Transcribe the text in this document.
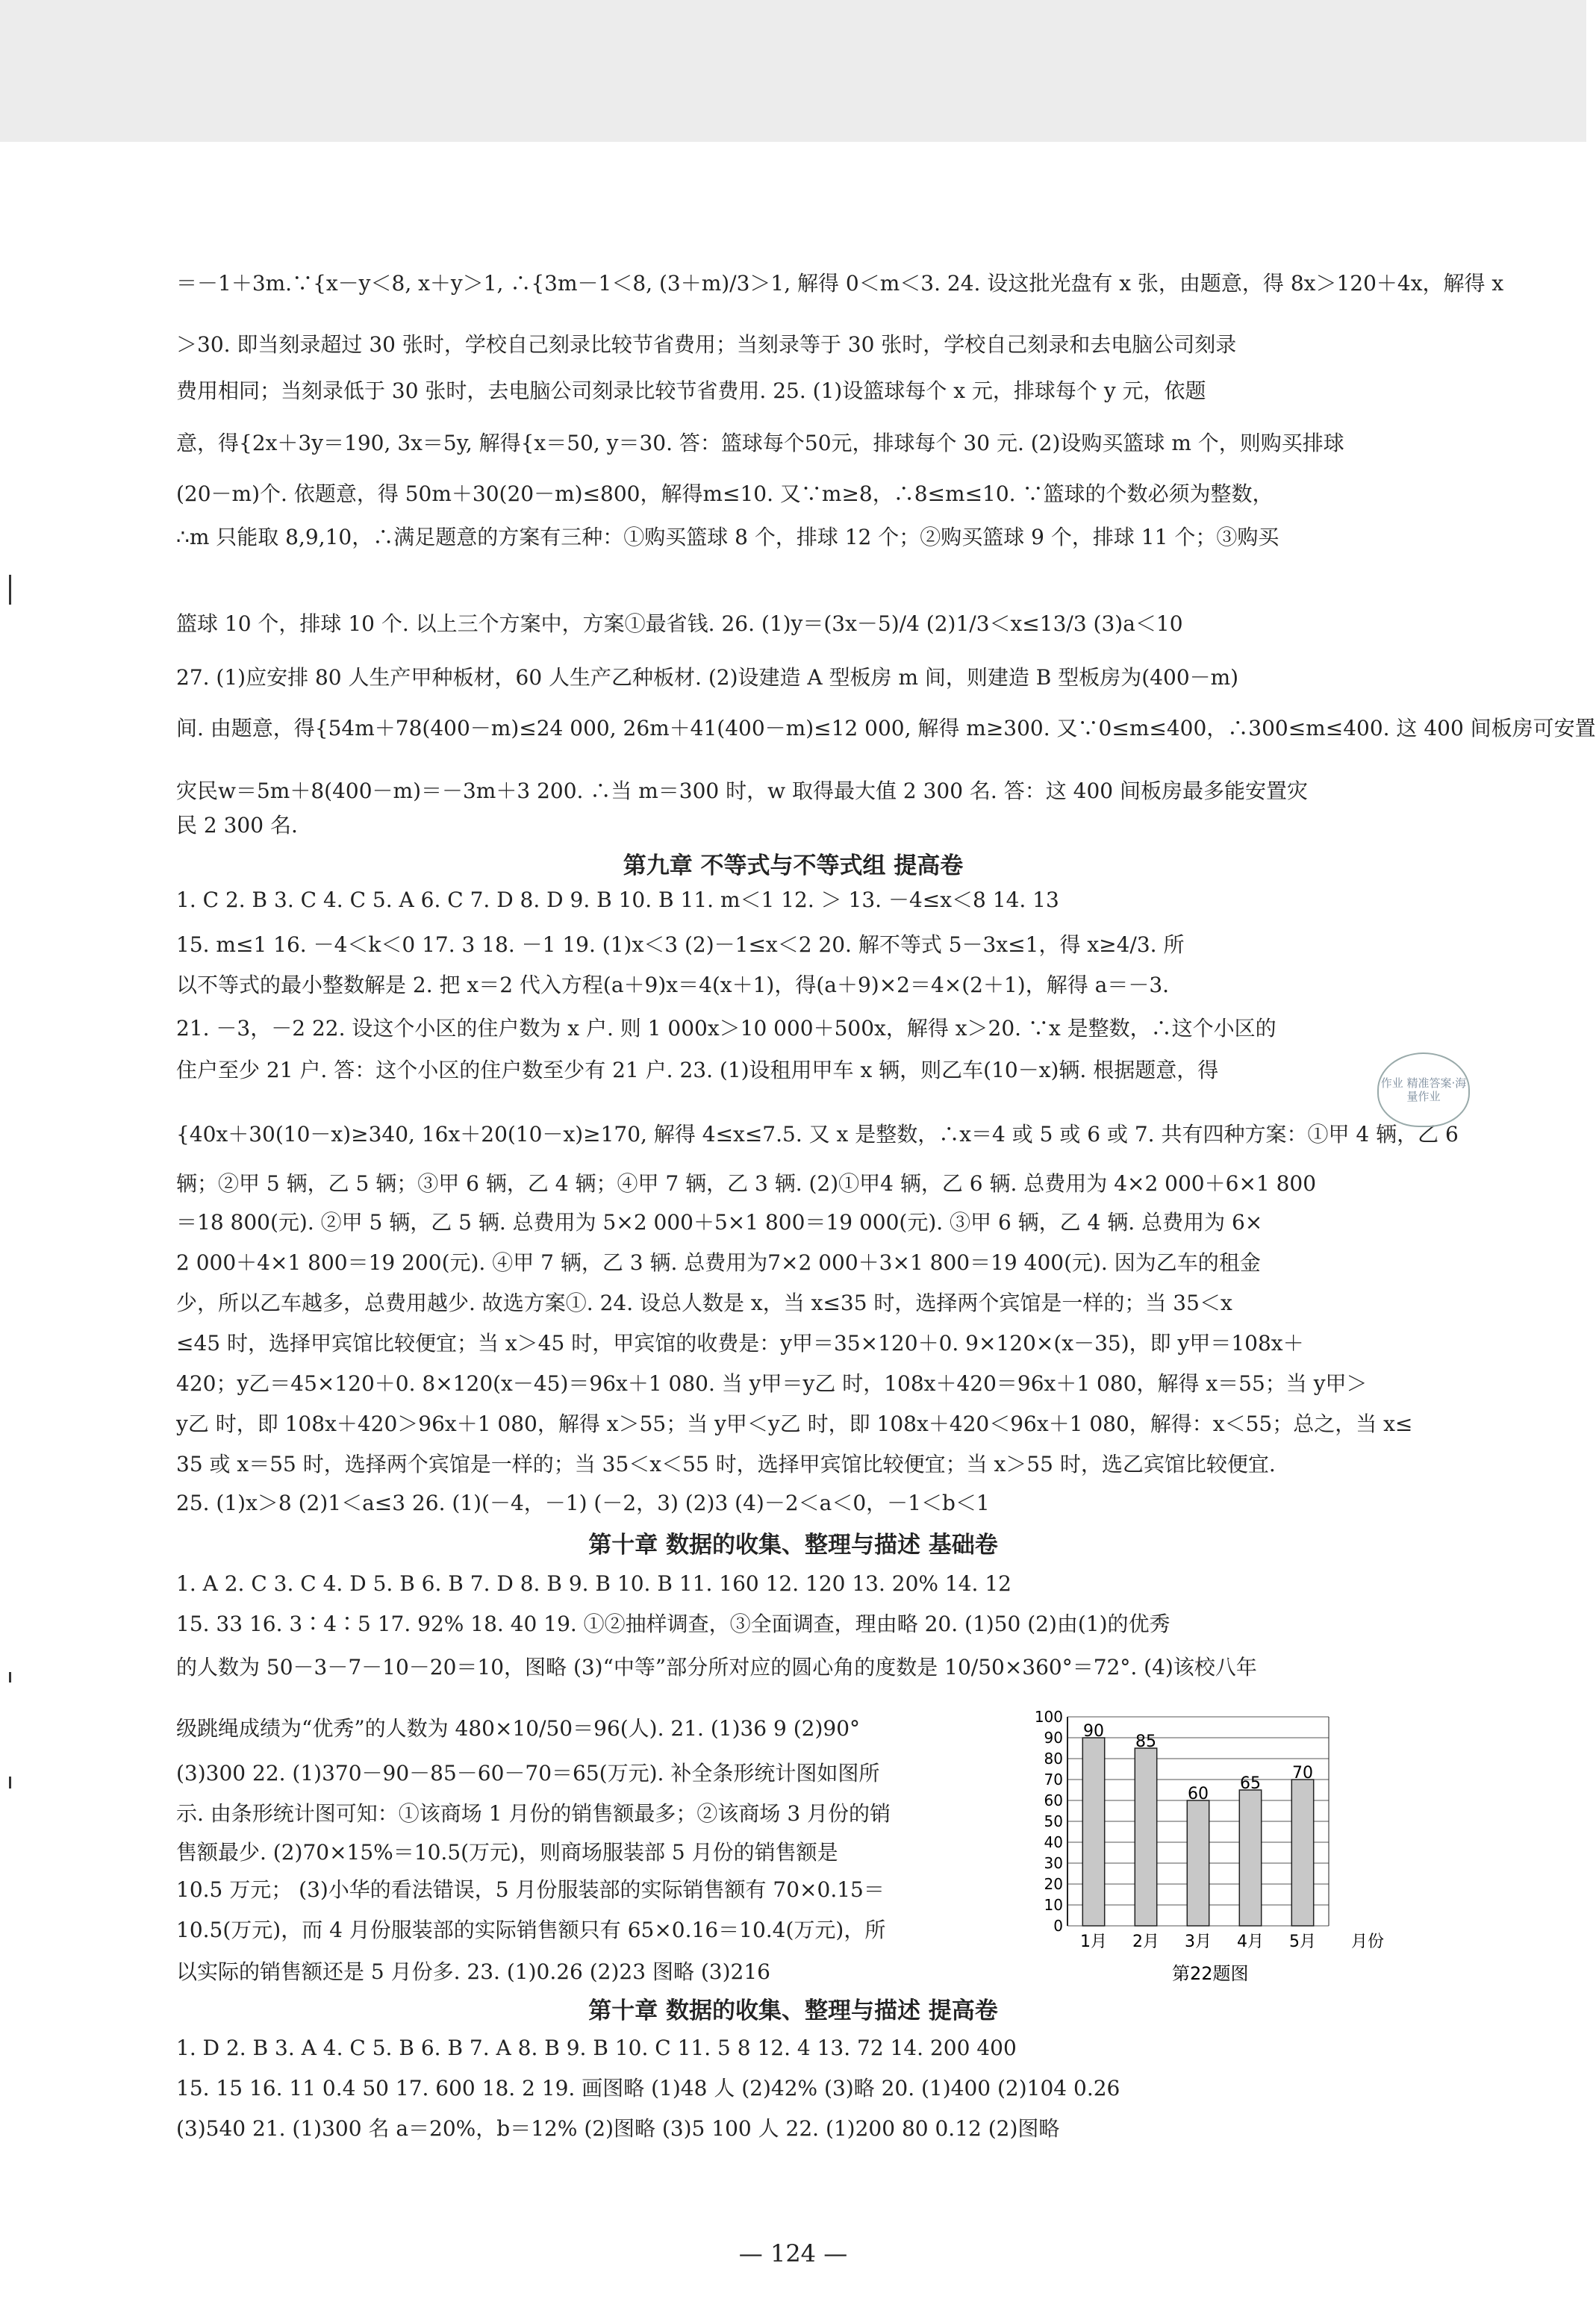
＝－1＋3m.∵{x－y＜8, x＋y＞1, ∴{3m－1＜8, (3＋m)/3＞1, 解得 0＜m＜3. 24. 设这批光盘有 x 张，由题意，得 8x＞120＋4x，解得 x
＞30. 即当刻录超过 30 张时，学校自己刻录比较节省费用；当刻录等于 30 张时，学校自己刻录和去电脑公司刻录
费用相同；当刻录低于 30 张时，去电脑公司刻录比较节省费用. 25. (1)设篮球每个 x 元，排球每个 y 元，依题
意，得{2x＋3y＝190, 3x＝5y, 解得{x＝50, y＝30. 答：篮球每个50元，排球每个 30 元. (2)设购买篮球 m 个，则购买排球
(20－m)个. 依题意，得 50m＋30(20－m)≤800，解得m≤10. 又∵m≥8，∴8≤m≤10. ∵篮球的个数必须为整数，
∴m 只能取 8,9,10，∴满足题意的方案有三种：①购买篮球 8 个，排球 12 个；②购买篮球 9 个，排球 11 个；③购买
篮球 10 个，排球 10 个. 以上三个方案中，方案①最省钱. 26. (1)y＝(3x－5)/4 (2)1/3＜x≤13/3 (3)a＜10
27. (1)应安排 80 人生产甲种板材，60 人生产乙种板材. (2)设建造 A 型板房 m 间，则建造 B 型板房为(400－m)
间. 由题意，得{54m＋78(400－m)≤24 000, 26m＋41(400－m)≤12 000, 解得 m≥300. 又∵0≤m≤400，∴300≤m≤400. 这 400 间板房可安置
灾民w＝5m＋8(400－m)＝－3m＋3 200. ∴当 m＝300 时，w 取得最大值 2 300 名. 答：这 400 间板房最多能安置灾
民 2 300 名.
第九章 不等式与不等式组 提高卷
1. C 2. B 3. C 4. C 5. A 6. C 7. D 8. D 9. B 10. B 11. m＜1 12. ＞ 13. －4≤x＜8 14. 13
15. m≤1 16. －4＜k＜0 17. 3 18. －1 19. (1)x＜3 (2)－1≤x＜2 20. 解不等式 5－3x≤1，得 x≥4/3. 所
以不等式的最小整数解是 2. 把 x＝2 代入方程(a＋9)x＝4(x＋1)，得(a＋9)×2＝4×(2＋1)，解得 a＝－3.
21. －3，－2 22. 设这个小区的住户数为 x 户. 则 1 000x＞10 000＋500x，解得 x＞20. ∵x 是整数，∴这个小区的
住户至少 21 户. 答：这个小区的住户数至少有 21 户. 23. (1)设租用甲车 x 辆，则乙车(10－x)辆. 根据题意，得
{40x＋30(10－x)≥340, 16x＋20(10－x)≥170, 解得 4≤x≤7.5. 又 x 是整数，∴x＝4 或 5 或 6 或 7. 共有四种方案：①甲 4 辆，乙 6
辆；②甲 5 辆，乙 5 辆；③甲 6 辆，乙 4 辆；④甲 7 辆，乙 3 辆. (2)①甲4 辆，乙 6 辆. 总费用为 4×2 000＋6×1 800
＝18 800(元). ②甲 5 辆，乙 5 辆. 总费用为 5×2 000＋5×1 800＝19 000(元). ③甲 6 辆，乙 4 辆. 总费用为 6×
2 000＋4×1 800＝19 200(元). ④甲 7 辆，乙 3 辆. 总费用为7×2 000＋3×1 800＝19 400(元). 因为乙车的租金
少，所以乙车越多，总费用越少. 故选方案①. 24. 设总人数是 x，当 x≤35 时，选择两个宾馆是一样的；当 35＜x
≤45 时，选择甲宾馆比较便宜；当 x＞45 时，甲宾馆的收费是：y甲＝35×120＋0. 9×120×(x－35)，即 y甲＝108x＋
420；y乙＝45×120＋0. 8×120(x－45)＝96x＋1 080. 当 y甲＝y乙 时，108x＋420＝96x＋1 080，解得 x＝55；当 y甲＞
y乙 时，即 108x＋420＞96x＋1 080，解得 x＞55；当 y甲＜y乙 时，即 108x＋420＜96x＋1 080，解得：x＜55；总之，当 x≤
35 或 x＝55 时，选择两个宾馆是一样的；当 35＜x＜55 时，选择甲宾馆比较便宜；当 x＞55 时，选乙宾馆比较便宜.
25. (1)x＞8 (2)1＜a≤3 26. (1)(－4，－1) (－2，3) (2)3 (4)－2＜a＜0，－1＜b＜1
第十章 数据的收集、整理与描述 基础卷
1. A 2. C 3. C 4. D 5. B 6. B 7. D 8. B 9. B 10. B 11. 160 12. 120 13. 20% 14. 12
15. 33 16. 3∶4∶5 17. 92% 18. 40 19. ①②抽样调查，③全面调查，理由略 20. (1)50 (2)由(1)的优秀
的人数为 50－3－7－10－20＝10，图略 (3)“中等”部分所对应的圆心角的度数是 10/50×360°＝72°. (4)该校八年
级跳绳成绩为“优秀”的人数为 480×10/50＝96(人). 21. (1)36 9 (2)90°
(3)300 22. (1)370－90－85－60－70＝65(万元). 补全条形统计图如图所
示. 由条形统计图可知：①该商场 1 月份的销售额最多；②该商场 3 月份的销
售额最少. (2)70×15%＝10.5(万元)，则商场服装部 5 月份的销售额是
10.5 万元； (3)小华的看法错误，5 月份服装部的实际销售额有 70×0.15＝
10.5(万元)，而 4 月份服装部的实际销售额只有 65×0.16＝10.4(万元)，所
以实际的销售额还是 5 月份多. 23. (1)0.26 (2)23 图略 (3)216
第十章 数据的收集、整理与描述 提高卷
1. D 2. B 3. A 4. C 5. B 6. B 7. A 8. B 9. B 10. C 11. 5 8 12. 4 13. 72 14. 200 400
15. 15 16. 11 0.4 50 17. 600 18. 2 19. 画图略 (1)48 人 (2)42% (3)略 20. (1)400 (2)104 0.26
(3)540 21. (1)300 名 a＝20%，b＝12% (2)图略 (3)5 100 人 22. (1)200 80 0.12 (2)图略
作业 精准答案·海量作业
— 124 —
0
10
20
30
40
50
60
70
80
90
100
90
85
60
65
70
1月 2月 3月 4月 5月 月份
第22题图
